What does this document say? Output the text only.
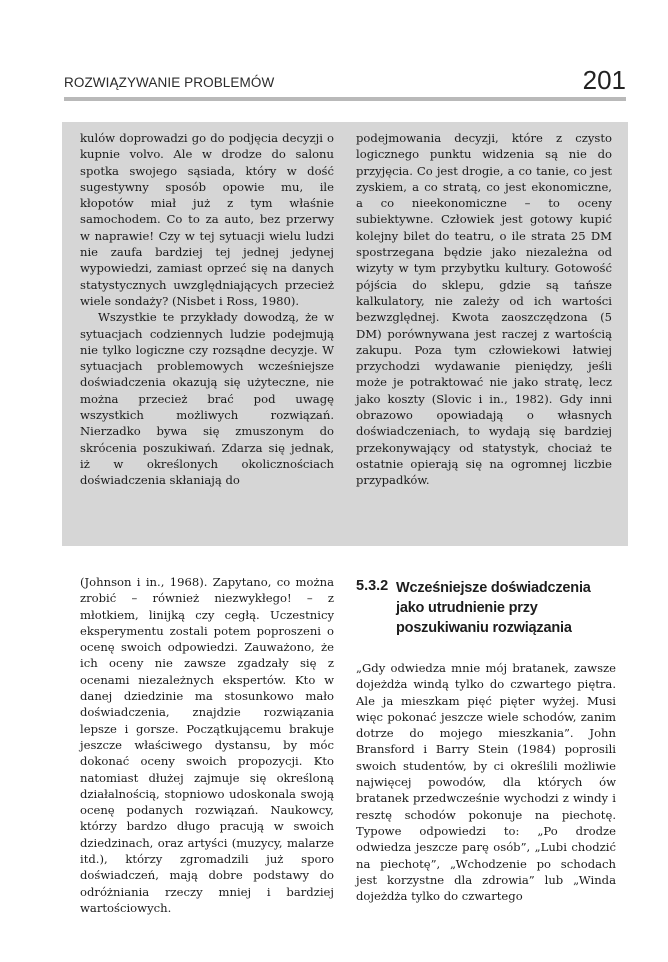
ROZWIĄZYWANIE PROBLEMÓW	201

kulów doprowadzi go do podjęcia decyzji o kupnie volvo. Ale w drodze do salonu spotka swojego sąsiada, który w dość sugestywny sposób opowie mu, ile kłopotów miał już z tym właśnie samochodem. Co to za auto, bez przerwy w naprawie! Czy w tej sytuacji wielu ludzi nie zaufa bardziej tej jednej jedynej wypowiedzi, zamiast oprzeć się na danych statystycznych uwzględniających przecież wiele sondaży? (Nisbet i Ross, 1980).

Wszystkie te przykłady dowodzą, że w sytuacjach codziennych ludzie podejmują nie tylko logiczne czy rozsądne decyzje. W sytuacjach problemowych wcześniejsze doświadczenia okazują się użyteczne, nie można przecież brać pod uwagę wszystkich możliwych rozwiązań. Nierzadko bywa się zmuszonym do skrócenia poszukiwań. Zdarza się jednak, iż w określonych okolicznościach doświadczenia skłaniają do

podejmowania decyzji, które z czysto logicznego punktu widzenia są nie do przyjęcia. Co jest drogie, a co tanie, co jest zyskiem, a co stratą, co jest ekonomiczne, a co nieekonomiczne – to oceny subiektywne. Człowiek jest gotowy kupić kolejny bilet do teatru, o ile strata 25 DM spostrzegana będzie jako niezależna od wizyty w tym przybytku kultury. Gotowość pójścia do sklepu, gdzie są tańsze kalkulatory, nie zależy od ich wartości bezwzględnej. Kwota zaoszczędzona (5 DM) porównywana jest raczej z wartością zakupu. Poza tym człowiekowi łatwiej przychodzi wydawanie pieniędzy, jeśli może je potraktować nie jako stratę, lecz jako koszty (Slovic i in., 1982). Gdy inni obrazowo opowiadają o własnych doświadczeniach, to wydają się bardziej przekonywający od statystyk, chociaż te ostatnie opierają się na ogromnej liczbie przypadków.

(Johnson i in., 1968). Zapytano, co można zrobić – również niezwykłego! – z młotkiem, linijką czy cegłą. Uczestnicy eksperymentu zostali potem poproszeni o ocenę swoich odpowiedzi. Zauważono, że ich oceny nie zawsze zgadzały się z ocenami niezależnych ekspertów. Kto w danej dziedzinie ma stosunkowo mało doświadczenia, znajdzie rozwiązania lepsze i gorsze. Początkującemu brakuje jeszcze właściwego dystansu, by móc dokonać oceny swoich propozycji. Kto natomiast dłużej zajmuje się określoną działalnością, stopniowo udoskonala swoją ocenę podanych rozwiązań. Naukowcy, którzy bardzo długo pracują w swoich dziedzinach, oraz artyści (muzycy, malarze itd.), którzy zgromadzili już sporo doświadczeń, mają dobre podstawy do odróżniania rzeczy mniej i bardziej wartościowych.

5.3.2 Wcześniejsze doświadczenia jako utrudnienie przy poszukiwaniu rozwiązania

„Gdy odwiedza mnie mój bratanek, zawsze dojeżdża windą tylko do czwartego piętra. Ale ja mieszkam pięć pięter wyżej. Musi więc pokonać jeszcze wiele schodów, zanim dotrze do mojego mieszkania”. John Bransford i Barry Stein (1984) poprosili swoich studentów, by ci określili możliwie najwięcej powodów, dla których ów bratanek przedwcześnie wychodzi z windy i resztę schodów pokonuje na piechotę. Typowe odpowiedzi to: „Po drodze odwiedza jeszcze parę osób”, „Lubi chodzić na piechotę”, „Wchodzenie po schodach jest korzystne dla zdrowia” lub „Winda dojeżdża tylko do czwartego
